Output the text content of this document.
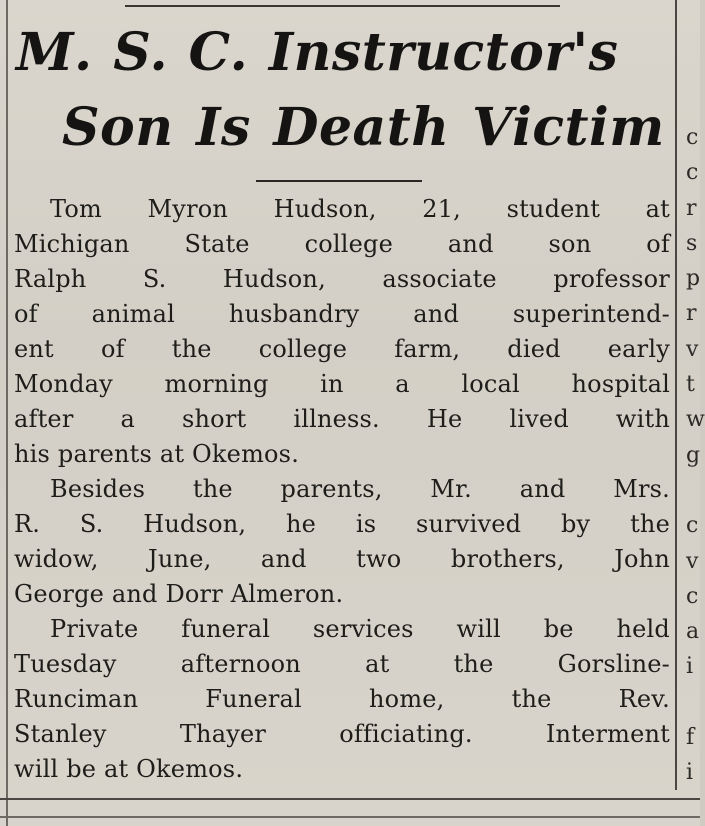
M. S. C. Instructor's
Son Is Death Victim

Tom Myron Hudson, 21, student at
Michigan State college and son of
Ralph S. Hudson, associate professor
of animal husbandry and superintend-
ent of the college farm, died early
Monday morning in a local hospital
after a short illness. He lived with
his parents at Okemos.

Besides the parents, Mr. and Mrs.
R. S. Hudson, he is survived by the
widow, June, and two brothers, John
George and Dorr Almeron.

Private funeral services will be held
Tuesday afternoon at the Gorsline-
Runciman Funeral home, the Rev.
Stanley Thayer officiating. Interment
will be at Okemos.

c
c
r
s
p
r
v
t
w
g
c
v
c
a
i
f
i
